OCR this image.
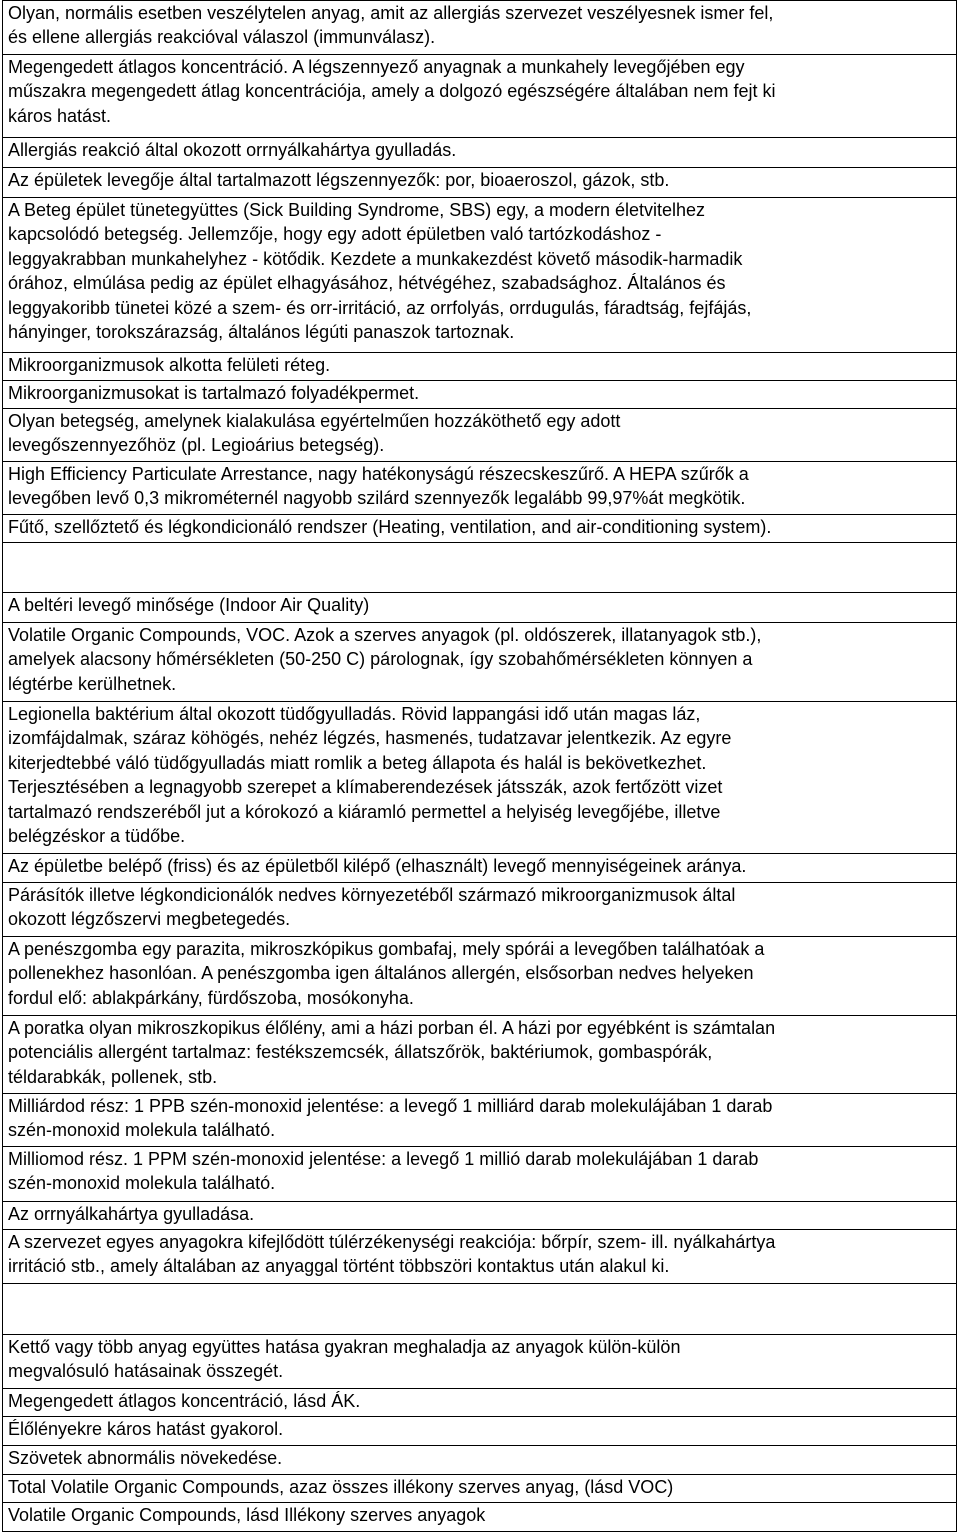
Olyan, normális esetben veszélytelen anyag, amit az allergiás szervezet veszélyesnek ismer fel,
és ellene allergiás reakcióval válaszol (immunválasz).
Megengedett átlagos koncentráció. A légszennyező anyagnak a munkahely levegőjében egy
műszakra megengedett átlag koncentrációja, amely a dolgozó egészségére általában nem fejt ki
káros hatást.
Allergiás reakció által okozott orrnyálkahártya gyulladás.
Az épületek levegője által tartalmazott légszennyezők: por, bioaeroszol, gázok, stb.
A Beteg épület tünetegyüttes (Sick Building Syndrome, SBS) egy, a modern életvitelhez
kapcsolódó betegség. Jellemzője, hogy egy adott épületben való tartózkodáshoz -
leggyakrabban munkahelyhez - kötődik. Kezdete a munkakezdést követő második-harmadik
órához, elmúlása pedig az épület elhagyásához, hétvégéhez, szabadsághoz. Általános és
leggyakoribb tünetei közé a szem- és orr-irritáció, az orrfolyás, orrdugulás, fáradtság, fejfájás,
hányinger, torokszárazság, általános légúti panaszok tartoznak.
Mikroorganizmusok alkotta felületi réteg.
Mikroorganizmusokat is tartalmazó folyadékpermet.
Olyan betegség, amelynek kialakulása egyértelműen hozzáköthető egy adott
levegőszennyezőhöz (pl. Legioárius betegség).
High Efficiency Particulate Arrestance, nagy hatékonyságú részecskeszűrő. A HEPA szűrők a
levegőben levő 0,3 mikrométernél nagyobb szilárd szennyezők legalább 99,97%át megkötik.
Fűtő, szellőztető és légkondicionáló rendszer (Heating, ventilation, and air-conditioning system).

A beltéri levegő minősége (Indoor Air Quality)
Volatile Organic Compounds, VOC. Azok a szerves anyagok (pl. oldószerek, illatanyagok stb.),
amelyek alacsony hőmérsékleten (50-250 C) párolognak, így szobahőmérsékleten könnyen a
légtérbe kerülhetnek.
Legionella baktérium által okozott tüdőgyulladás. Rövid lappangási idő után magas láz,
izomfájdalmak, száraz köhögés, nehéz légzés, hasmenés, tudatzavar jelentkezik. Az egyre
kiterjedtebbé váló tüdőgyulladás miatt romlik a beteg állapota és halál is bekövetkezhet.
Terjesztésében a legnagyobb szerepet a klímaberendezések játsszák, azok fertőzött vizet
tartalmazó rendszeréből jut a kórokozó a kiáramló permettel a helyiség levegőjébe, illetve
belégzéskor a tüdőbe.
Az épületbe belépő (friss) és az épületből kilépő (elhasznált) levegő mennyiségeinek aránya.
Párásítók illetve légkondicionálók nedves környezetéből származó mikroorganizmusok által
okozott légzőszervi megbetegedés.
A penészgomba egy parazita, mikroszkópikus gombafaj, mely spórái a levegőben találhatóak a
pollenekhez hasonlóan. A penészgomba igen általános allergén, elsősorban nedves helyeken
fordul elő: ablakpárkány, fürdőszoba, mosókonyha.
A poratka olyan mikroszkopikus élőlény, ami a házi porban él. A házi por egyébként is számtalan
potenciális allergént tartalmaz: festékszemcsék, állatszőrök, baktériumok, gombaspórák,
téldarabkák, pollenek, stb.
Milliárdod rész: 1 PPB szén-monoxid jelentése: a levegő 1 milliárd darab molekulájában 1 darab
szén-monoxid molekula található.
Milliomod rész. 1 PPM szén-monoxid jelentése: a levegő 1 millió darab molekulájában 1 darab
szén-monoxid molekula található.
Az orrnyálkahártya gyulladása.
A szervezet egyes anyagokra kifejlődött túlérzékenységi reakciója: bőrpír, szem- ill. nyálkahártya
irritáció stb., amely általában az anyaggal történt többszöri kontaktus után alakul ki.

Kettő vagy több anyag együttes hatása gyakran meghaladja az anyagok külön-külön
megvalósuló hatásainak összegét.
Megengedett átlagos koncentráció, lásd ÁK.
Élőlényekre káros hatást gyakorol.
Szövetek abnormális növekedése.
Total Volatile Organic Compounds, azaz összes illékony szerves anyag, (lásd VOC)
Volatile Organic Compounds, lásd Illékony szerves anyagok
